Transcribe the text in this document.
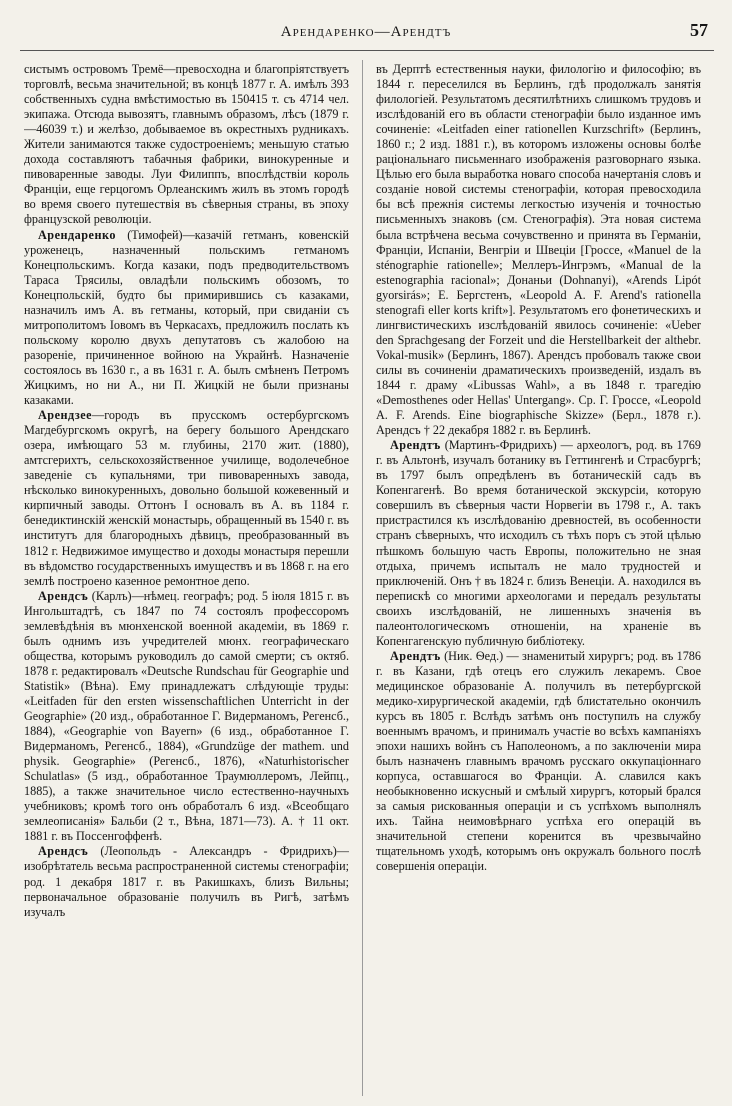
Арендаренко—Арендтъ	57

систымъ островомъ Тремё—превосходна и благопріятствуетъ торговлѣ, весьма значительной; въ концѣ 1877 г. А. имѣлъ 393 собственныхъ судна вмѣстимостью въ 150415 т. съ 4714 чел. экипажа. Отсюда вывозятъ, главнымъ образомъ, лѣсъ (1879 г.—46039 т.) и желѣзо, добываемое въ окрестныхъ рудникахъ. Жители занимаются также судостроеніемъ; меньшую статью дохода составляютъ табачныя фабрики, винокуренные и пивоваренные заводы. Луи Филиппъ, впослѣдствіи король Франціи, еще герцогомъ Орлеанскимъ жилъ въ этомъ городѣ во время своего путешествія въ сѣверныя страны, въ эпоху французской революціи.

Арендаренко (Тимофей)—казачій гетманъ, ковенскій уроженецъ, назначенный польскимъ гетманомъ Конецпольскимъ. Когда казаки, подъ предводительствомъ Тараса Трясилы, овладѣли польскимъ обозомъ, то Конецпольскій, будто бы примирившись съ казаками, назначилъ имъ А. въ гетманы, который, при свиданіи съ митрополитомъ Іовомъ въ Черкасахъ, предложилъ послать къ польскому королю двухъ депутатовъ съ жалобою на разореніе, причиненное войною на Украйнѣ. Назначеніе состоялось въ 1630 г., а въ 1631 г. А. былъ смѣненъ Петромъ Жицкимъ, но ни А., ни П. Жицкій не были признаны казаками.

Арендзее—городъ въ прусскомъ остербургскомъ Магдебургскомъ округѣ, на берегу большого Арендскаго озера, имѣющаго 53 м. глубины, 2170 жит. (1880), амтсгерихтъ, сельскохозяйственное училище, водолечебное заведеніе съ купальнями, три пивоваренныхъ завода, нѣсколько винокуренныхъ, довольно большой кожевенный и кирпичный заводы. Оттонъ I основалъ въ А. въ 1184 г. бенедиктинскій женскій монастырь, обращенный въ 1540 г. въ институтъ для благородныхъ дѣвицъ, преобразованный въ 1812 г. Недвижимое имущество и доходы монастыря перешли въ вѣдомство государственныхъ имуществъ и въ 1868 г. на его землѣ построено казенное ремонтное депо.

Арендсъ (Карлъ)—нѣмец. географъ; род. 5 іюля 1815 г. въ Ингольштадтѣ, съ 1847 по 74 состоялъ профессоромъ землевѣдѣнія въ мюнхенской военной академіи, въ 1869 г. былъ однимъ изъ учредителей мюнх. географическаго общества, которымъ руководилъ до самой смерти; съ октяб. 1878 г. редактировалъ «Deutsche Rundschau für Geographie und Statistik» (Вѣна). Ему принадлежатъ слѣдующіе труды: «Leitfaden für den ersten wissenschaftlichen Unterricht in der Geographie» (20 изд., обработанное Г. Видерманомъ, Регенсб., 1884), «Geographie von Bayern» (6 изд., обработанное Г. Видерманомъ, Регенсб., 1884), «Grundzüge der mathem. und physik. Geographie» (Регенсб., 1876), «Naturhistorischer Schulatlas» (5 изд., обработанное Траумюллеромъ, Лейпц., 1885), а также значительное число естественно-научныхъ учебниковъ; кромѣ того онъ обработалъ 6 изд. «Всеобщаго землеописанія» Бальби (2 т., Вѣна, 1871—73). А. † 11 окт. 1881 г. въ Поссенгоффенѣ.

Арендсъ (Леопольдъ - Александръ - Фридрихъ)—изобрѣтатель весьма распространенной системы стенографіи; род. 1 декабря 1817 г. въ Ракишкахъ, близъ Вильны; первоначальное образованіе получилъ въ Ригѣ, затѣмъ изучалъ

въ Дерптѣ естественныя науки, филологію и философію; въ 1844 г. переселился въ Берлинъ, гдѣ продолжалъ занятія филологіей. Результатомъ десятилѣтнихъ слишкомъ трудовъ и изслѣдованій его въ области стенографіи было изданное имъ сочиненіе: «Leitfaden einer rationellen Kurzschrift» (Берлинъ, 1860 г.; 2 изд. 1881 г.), въ которомъ изложены основы болѣе раціональнаго письменнаго изображенія разговорнаго языка. Цѣлью его была выработка новаго способа начертанія словъ и созданіе новой системы стенографіи, которая превосходила бы всѣ прежнія системы легкостью изученія и точностью письменныхъ знаковъ (см. Стенографія). Эта новая система была встрѣчена весьма сочувственно и принята въ Германіи, Франціи, Испаніи, Венгріи и Швеціи [Гроссе, «Manuel de la sténographie rationelle»; Меллеръ-Ингрэмъ, «Manual de la estenographia racional»; Донаньи (Dohnanyi), «Arends Lipót gyorsirás»; E. Бергстенъ, «Leopold A. F. Arend's rationella stenografi eller korts krift»]. Результатомъ его фонетическихъ и лингвистическихъ изслѣдованій явилось сочиненіе: «Ueber den Sprachgesang der Forzeit und die Herstellbarkeit der althebr. Vokal-musik» (Берлинъ, 1867). Арендсъ пробовалъ также свои силы въ сочиненіи драматическихъ произведеній, издалъ въ 1844 г. драму «Libussas Wahl», а въ 1848 г. трагедію «Demosthenes oder Hellas' Untergang». Ср. Г. Гроссе, «Leopold A. F. Arends. Eine biographische Skizze» (Берл., 1878 г.). Арендсъ † 22 декабря 1882 г. въ Берлинѣ.

Арендтъ (Мартинъ-Фридрихъ) — археологъ, род. въ 1769 г. въ Альтонѣ, изучалъ ботанику въ Геттингенѣ и Страсбургѣ; въ 1797 былъ опредѣленъ въ ботаническій садъ въ Копенгагенѣ. Во время ботанической экскурсіи, которую совершилъ въ сѣверныя части Норвегіи въ 1798 г., А. такъ пристрастился къ изслѣдованію древностей, въ особенности странъ сѣверныхъ, что исходилъ съ тѣхъ поръ съ этой цѣлью пѣшкомъ большую часть Европы, положительно не зная отдыха, причемъ испыталъ не мало трудностей и приключеній. Онъ † въ 1824 г. близъ Венеціи. А. находился въ перепискѣ со многими археологами и передалъ результаты своихъ изслѣдованій, не лишенныхъ значенія въ палеонтологическомъ отношеніи, на храненіе въ Копенгагенскую публичную библіотеку.

Арендтъ (Ник. Ѳед.) — знаменитый хирургъ; род. въ 1786 г. въ Казани, гдѣ отецъ его служилъ лекаремъ. Свое медицинское образованіе А. получилъ въ петербургской медико-хирургической академіи, гдѣ блистательно окончилъ курсъ въ 1805 г. Вслѣдъ затѣмъ онъ поступилъ на службу военнымъ врачомъ, и принималъ участіе во всѣхъ кампаніяхъ эпохи нашихъ войнъ съ Наполеономъ, а по заключеніи мира былъ назначенъ главнымъ врачомъ русскаго оккупаціоннаго корпуса, оставшагося во Франціи. А. славился какъ необыкновенно искусный и смѣлый хирургъ, который брался за самыя рискованныя операціи и съ успѣхомъ выполнялъ ихъ. Тайна неимовѣрнаго успѣха его операцій въ значительной степени коренится въ чрезвычайно тщательномъ уходѣ, которымъ онъ окружалъ больного послѣ совершенія операціи.
